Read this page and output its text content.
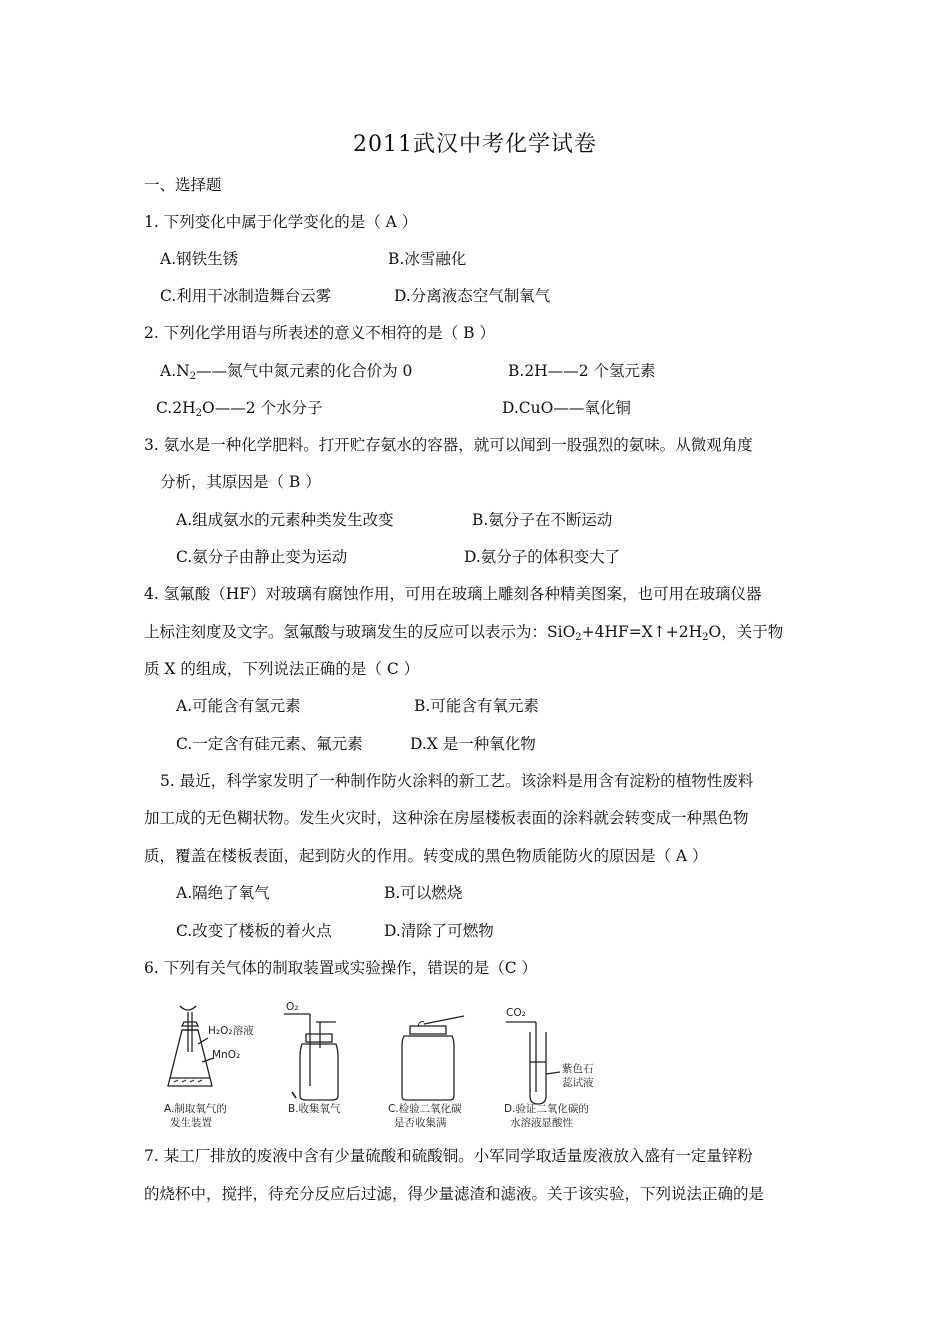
2011武汉中考化学试卷
一、选择题
1. 下列变化中属于化学变化的是（ A ）
A.钢铁生锈	B.冰雪融化
C.利用干冰制造舞台云雾	D.分离液态空气制氧气
2. 下列化学用语与所表述的意义不相符的是（ B ）
$A.N_2——$氮气中氮元素的化合价为 0	B.2H——2 个氢元素
$C.2H_2O——2$ 个水分子	D.CuO——氧化铜
3. 氨水是一种化学肥料。打开贮存氨水的容器，就可以闻到一股强烈的氨味。从微观角度
分析，其原因是（ B ）
A.组成氨水的元素种类发生改变	B.氨分子在不断运动
C.氨分子由静止变为运动	D.氨分子的体积变大了
4. 氢氟酸（HF）对玻璃有腐蚀作用，可用在玻璃上雕刻各种精美图案，也可用在玻璃仪器
上标注刻度及文字。氢氟酸与玻璃发生的反应可以表示为：$SiO_2+4HF=X↑+2H_2O$，关于物
质 X 的组成，下列说法正确的是（ C ）
A.可能含有氢元素	B.可能含有氧元素
C.一定含有硅元素、氟元素	D.X 是一种氧化物
5. 最近，科学家发明了一种制作防火涂料的新工艺。该涂料是用含有淀粉的植物性废料
加工成的无色糊状物。发生火灾时，这种涂在房屋楼板表面的涂料就会转变成一种黑色物
质，覆盖在楼板表面，起到防火的作用。转变成的黑色物质能防火的原因是（ A ）
A.隔绝了氧气	B.可以燃烧
C.改变了楼板的着火点	D.清除了可燃物
6. 下列有关气体的制取装置或实验操作，错误的是（C ）
H₂O₂溶液
MnO₂
A.制取氧气的
发生装置
O₂
B.收集氧气	C.检验二氧化碳
是否收集满
CO₂
紫色石
蕊试液
D.验证二氧化碳的
水溶液显酸性
7. 某工厂排放的废液中含有少量硫酸和硫酸铜。小军同学取适量废液放入盛有一定量锌粉
的烧杯中，搅拌，待充分反应后过滤，得少量滤渣和滤液。关于该实验，下列说法正确的是
